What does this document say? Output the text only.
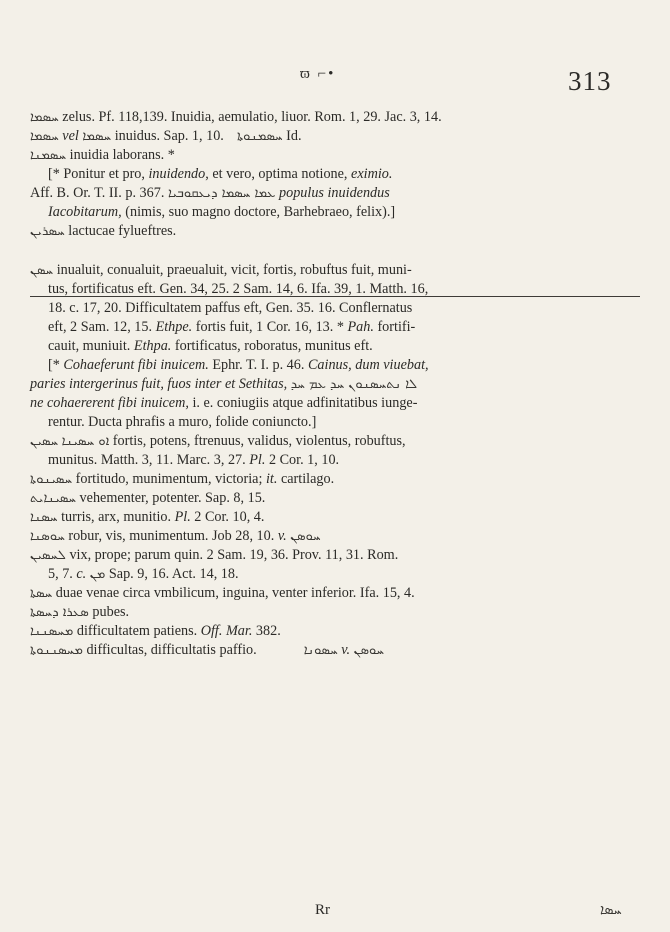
ϖ ⌐•	313
ܚܣܡܐ zelus. Pf. 118,139. Inuidia, aemulatio, liuor. Rom. 1, 29. Jac. 3, 14.
ܚܣܡܐ vel ܚܣܡܐ inuidus. Sap. 1, 10. ܚܣܡܢܘܬܐ Id.
ܚܣܡܢܐ inuidia laborans. *
[* Ponitur et pro, inuidendo, et vero, optima notione, eximio.
Aff. B. Or. T. II. p. 367. ܥܡܐ ܚܣܡܐ ܕܝܥܩܘܒܝܐ populus inuidendus
Iacobitarum, (nimis, suo magno doctore, Barhebraeo, felix).]
ܚܣܪܝܢ lactucae fylueftres.
ܚܣܢ inualuit, conualuit, praeualuit, vicit, fortis, robuftus fuit, muni-
tus, fortificatus eft. Gen. 34, 25. 2 Sam. 14, 6. Ifa. 39, 1. Matth. 16,
18. c. 17, 20. Difficultatem paffus eft, Gen. 35. 16. Conflernatus
eft, 2 Sam. 12, 15. Ethpe. fortis fuit, 1 Cor. 16, 13. * Pah. fortifi-
cauit, muniuit. Ethpa. fortificatus, roboratus, munitus eft.
[* Cohaeferunt fibi inuicem. Ephr. T. I. p. 46. Cainus, dum viuebat,
paries intergerinus fuit, fuos inter et Sethitas, ܠܐ ܢܬܚܣܢܘܢ ܚܕ ܥܡ ܚܕ
ne cohaererent fibi inuicem, i. e. coniugiis atque adfinitatibus iunge-
rentur. Ducta phrafis a muro, folide coniuncto.]
ܚܣܝܢ ܐܘ ܚܣܝܢܐ fortis, potens, ftrenuus, validus, violentus, robuftus,
munitus. Matth. 3, 11. Marc. 3, 27. Pl. 2 Cor. 1, 10.
ܚܣܝܢܘܬܐ fortitudo, munimentum, victoria; it. cartilago.
ܚܣܝܢܐܝܬ vehementer, potenter. Sap. 8, 15.
ܚܣܢܐ turris, arx, munitio. Pl. 2 Cor. 10, 4.
ܚܘܣܢܐ robur, vis, munimentum. Job 28, 10. v. ܚܘܣܢ
ܠܚܣܝܢ vix, prope; parum quin. 2 Sam. 19, 36. Prov. 11, 31. Rom.
5, 7. c. ܡܢ Sap. 9, 16. Act. 14, 18.
ܚܣܬܐ duae venae circa vmbilicum, inguina, venter inferior. Ifa. 15, 4.
ܣܥܪܐ ܕܚܣܬܐ pubes.
ܡܚܣܢܢܐ difficultatem patiens. Off. Mar. 382.
ܡܚܣܢܢܘܬܐ difficultas, difficultatis paffio.	ܚܣܘܢܐ v. ܚܘܣܢ
Rr	ܚܣܐ
